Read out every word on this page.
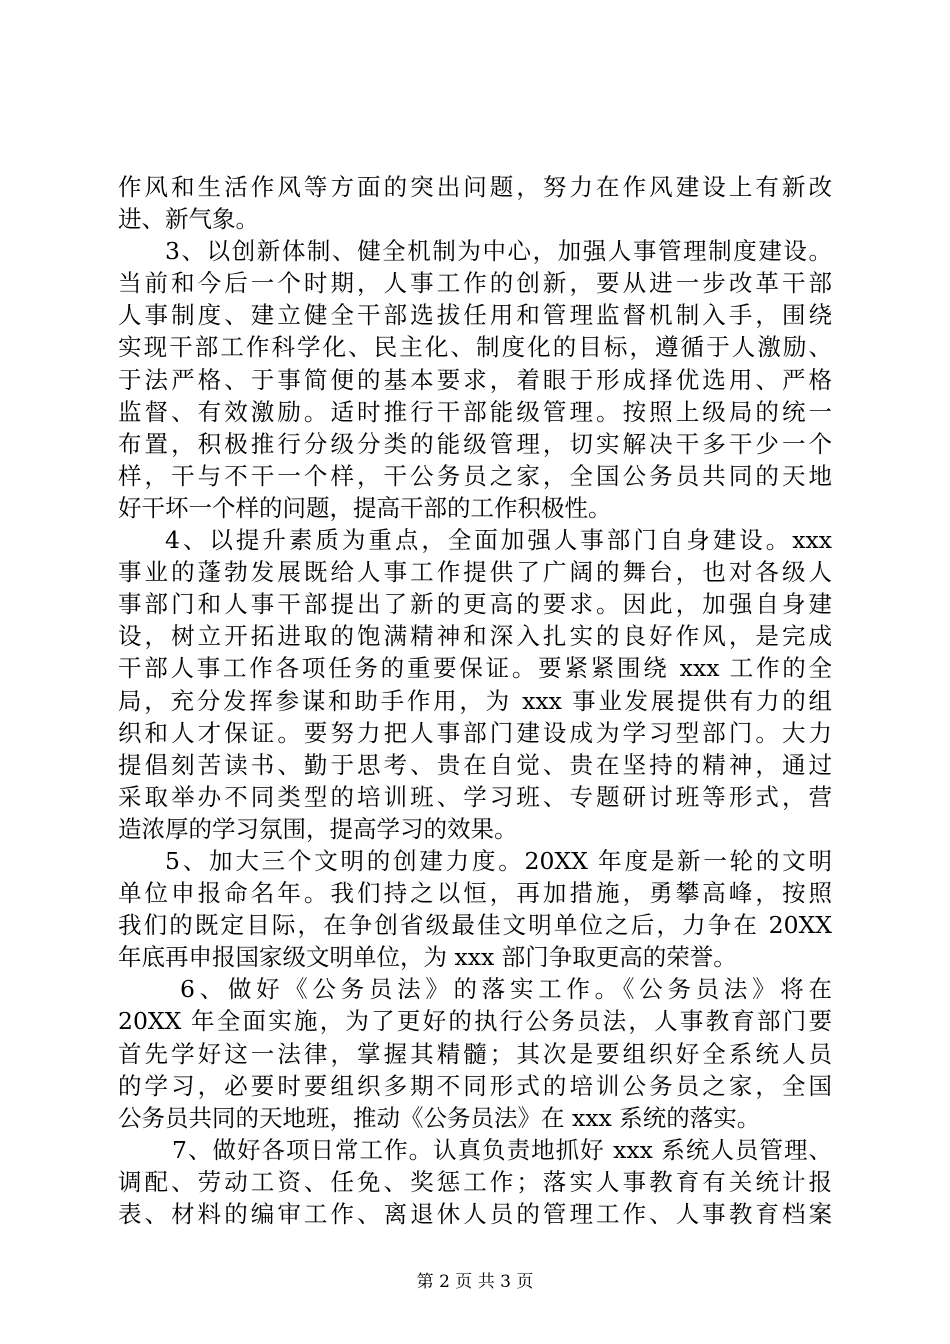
作风和生活作风等方面的突出问题，努力在作风建设上有新改
进、新气象。
3、以创新体制、健全机制为中心，加强人事管理制度建设。
当前和今后一个时期，人事工作的创新，要从进一步改革干部
人事制度、建立健全干部选拔任用和管理监督机制入手，围绕
实现干部工作科学化、民主化、制度化的目标，遵循于人激励、
于法严格、于事简便的基本要求，着眼于形成择优选用、严格
监督、有效激励。适时推行干部能级管理。按照上级局的统一
布置，积极推行分级分类的能级管理，切实解决干多干少一个
样，干与不干一个样，干公务员之家，全国公务员共同的天地
好干坏一个样的问题，提高干部的工作积极性。
4、以提升素质为重点，全面加强人事部门自身建设。xxx
事业的蓬勃发展既给人事工作提供了广阔的舞台，也对各级人
事部门和人事干部提出了新的更高的要求。因此，加强自身建
设，树立开拓进取的饱满精神和深入扎实的良好作风，是完成
干部人事工作各项任务的重要保证。要紧紧围绕 xxx 工作的全
局，充分发挥参谋和助手作用，为 xxx 事业发展提供有力的组
织和人才保证。要努力把人事部门建设成为学习型部门。大力
提倡刻苦读书、勤于思考、贵在自觉、贵在坚持的精神，通过
采取举办不同类型的培训班、学习班、专题研讨班等形式，营
造浓厚的学习氛围，提高学习的效果。
5、加大三个文明的创建力度。20XX 年度是新一轮的文明
单位申报命名年。我们持之以恒，再加措施，勇攀高峰，按照
我们的既定目际，在争创省级最佳文明单位之后，力争在 20XX
年底再申报国家级文明单位，为 xxx 部门争取更高的荣誉。
6、做好《公务员法》的落实工作。《公务员法》将在
20XX 年全面实施，为了更好的执行公务员法，人事教育部门要
首先学好这一法律，掌握其精髓；其次是要组织好全系统人员
的学习，必要时要组织多期不同形式的培训公务员之家，全国
公务员共同的天地班，推动《公务员法》在 xxx 系统的落实。
7、做好各项日常工作。认真负责地抓好 xxx 系统人员管理、
调配、劳动工资、任免、奖惩工作；落实人事教育有关统计报
表、材料的编审工作、离退休人员的管理工作、人事教育档案
第 2 页 共 3 页
